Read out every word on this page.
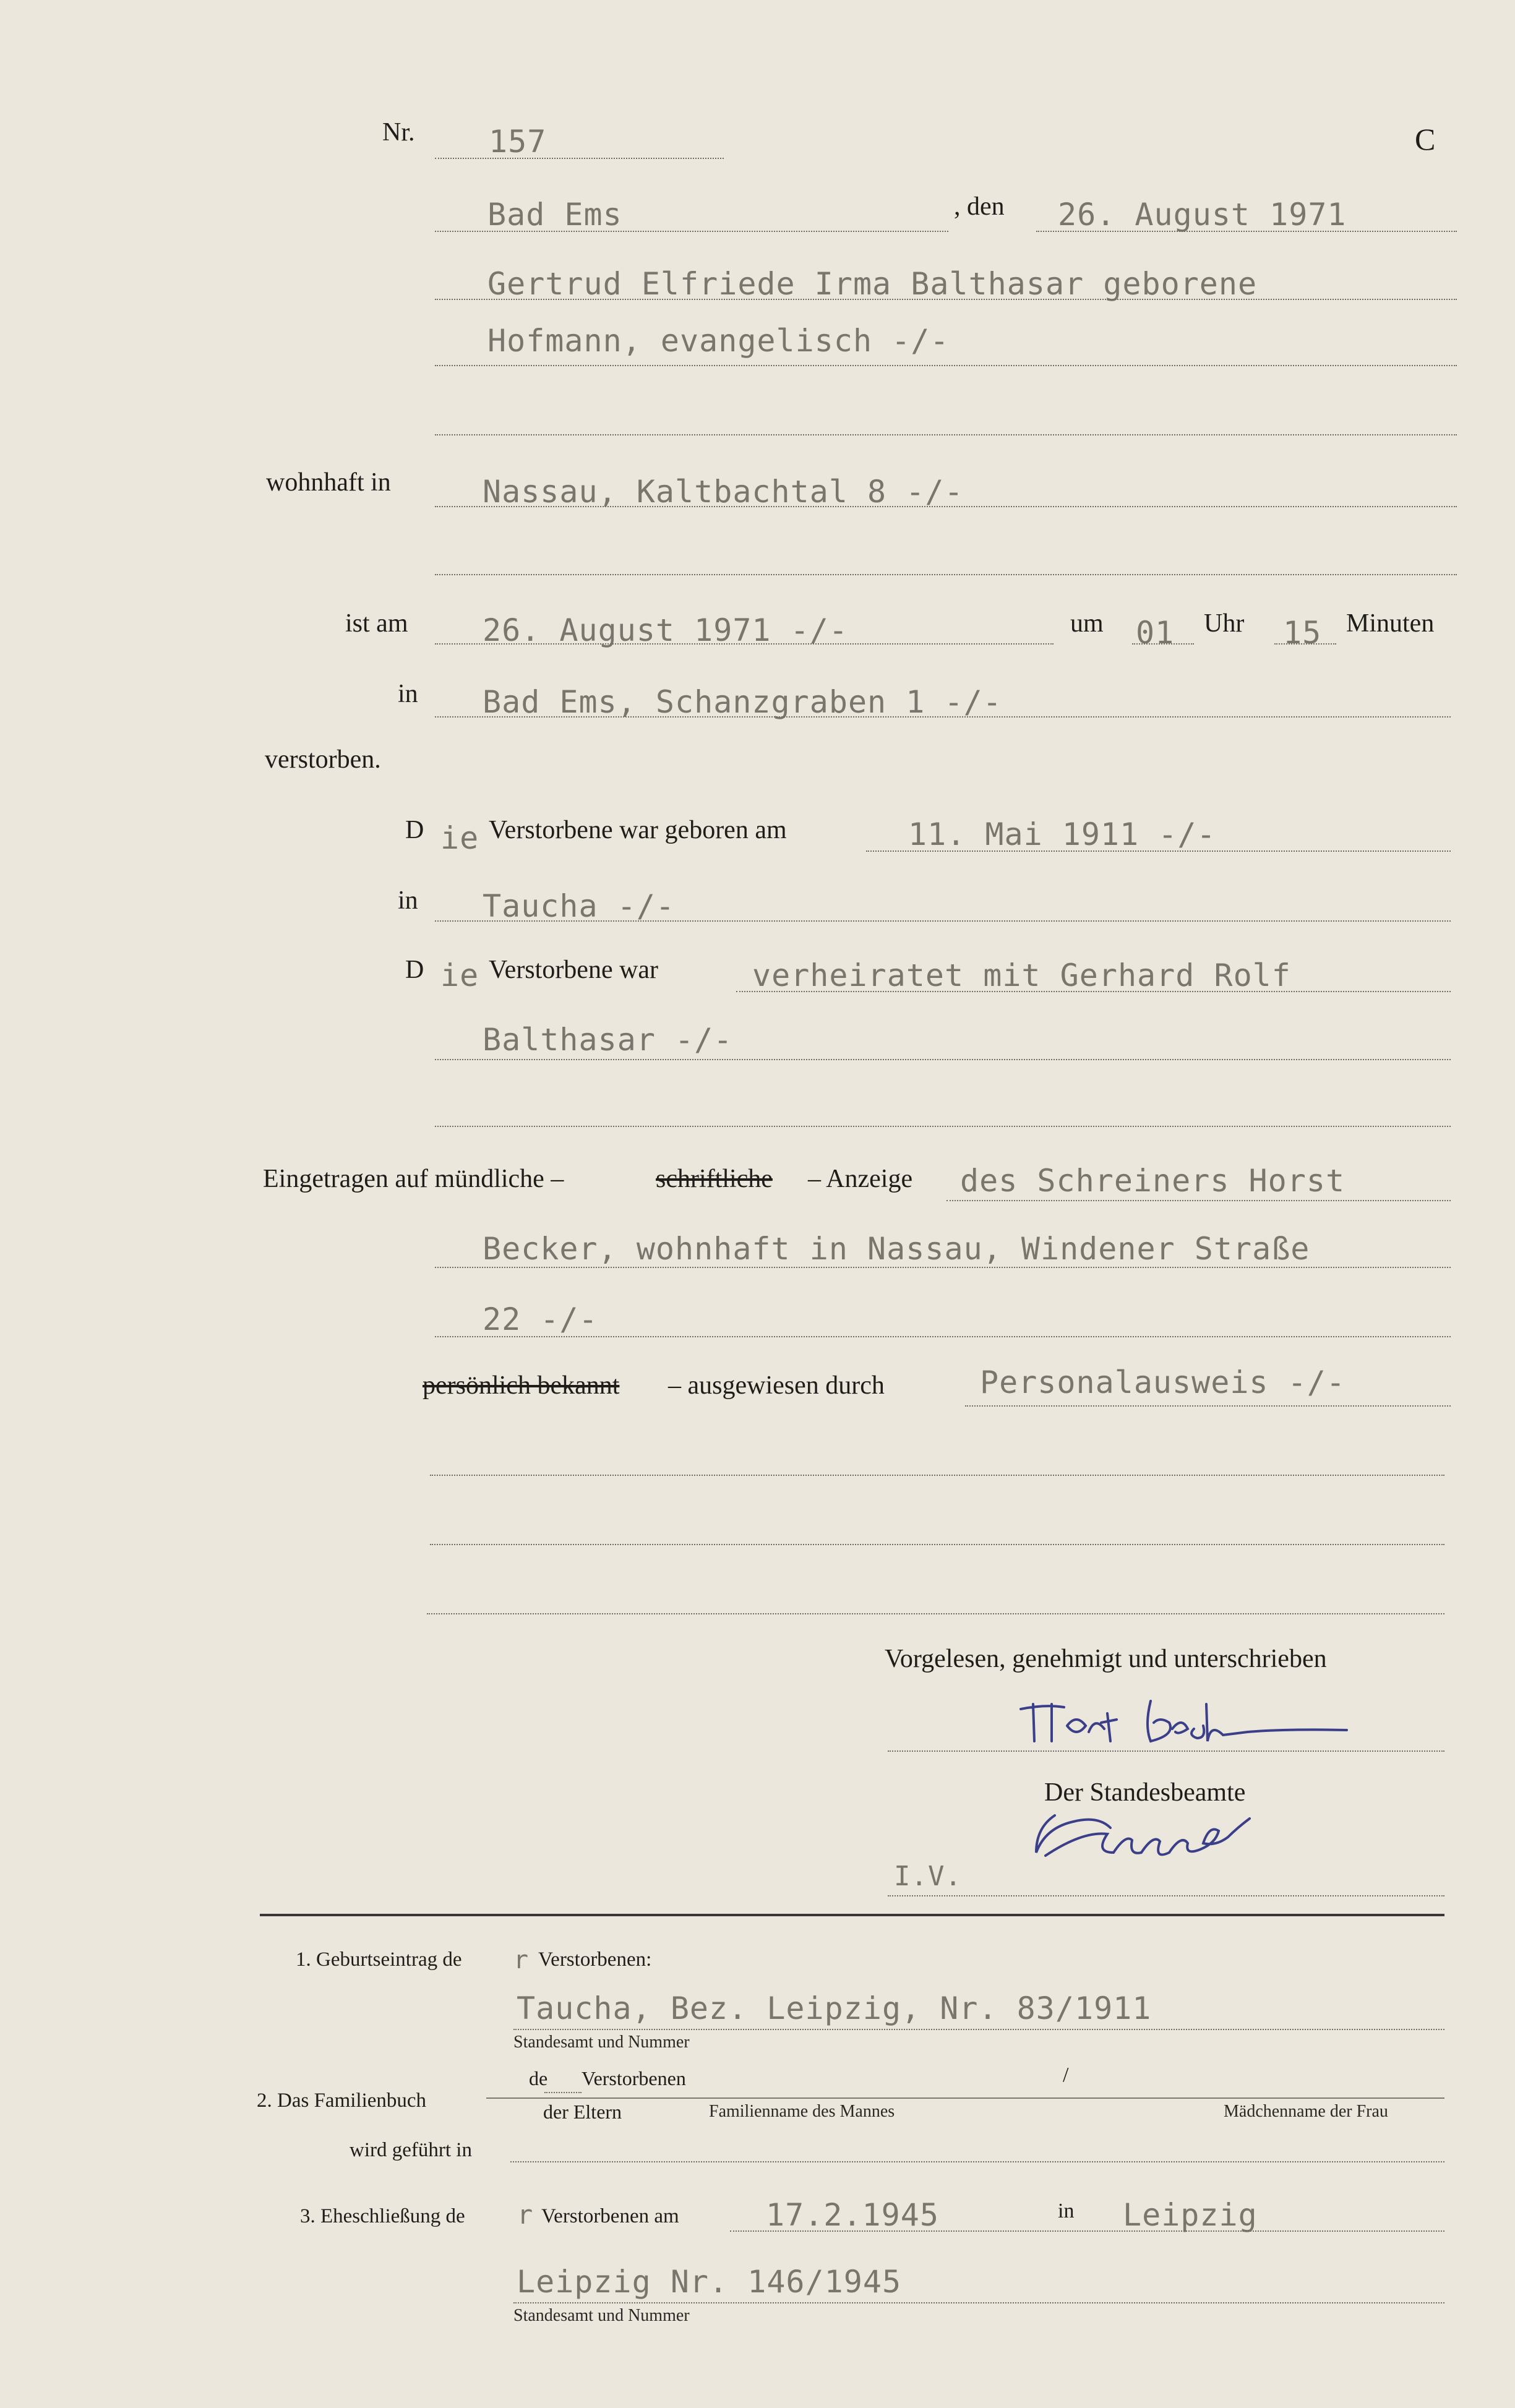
Nr. 157	C
Bad Ems	, den 26. August 1971
Gertrud Elfriede Irma Balthasar geborene
Hofmann, evangelisch -/-
wohnhaft in	Nassau, Kaltbachtal 8 -/-
ist am 26. August 1971 -/-	um 01 Uhr 15 Minuten
in Bad Ems, Schanzgraben 1 -/-
verstorben.
D ie Verstorbene war geboren am	11. Mai 1911 -/-
in Taucha -/-
D ie Verstorbene war	verheiratet mit Gerhard Rolf
Balthasar -/-
Eingetragen auf mündliche –	schriftliche – Anzeige des Schreiners Horst
Becker, wohnhaft in Nassau, Windener Straße
22 -/-
persönlich bekannt – ausgewiesen durch	Personalausweis -/-
Vorgelesen, genehmigt und unterschrieben
Der Standesbeamte
I.V.
1. Geburtseintrag de r Verstorbenen:
Taucha, Bez. Leipzig, Nr. 83/1911
Standesamt und Nummer
2. Das Familienbuch
de Verstorbenen	/
der Eltern	Familienname des Mannes	Mädchenname der Frau
wird geführt in
3. Eheschließung de r Verstorbenen am	17.2.1945	in Leipzig
Leipzig Nr. 146/1945
Standesamt und Nummer
